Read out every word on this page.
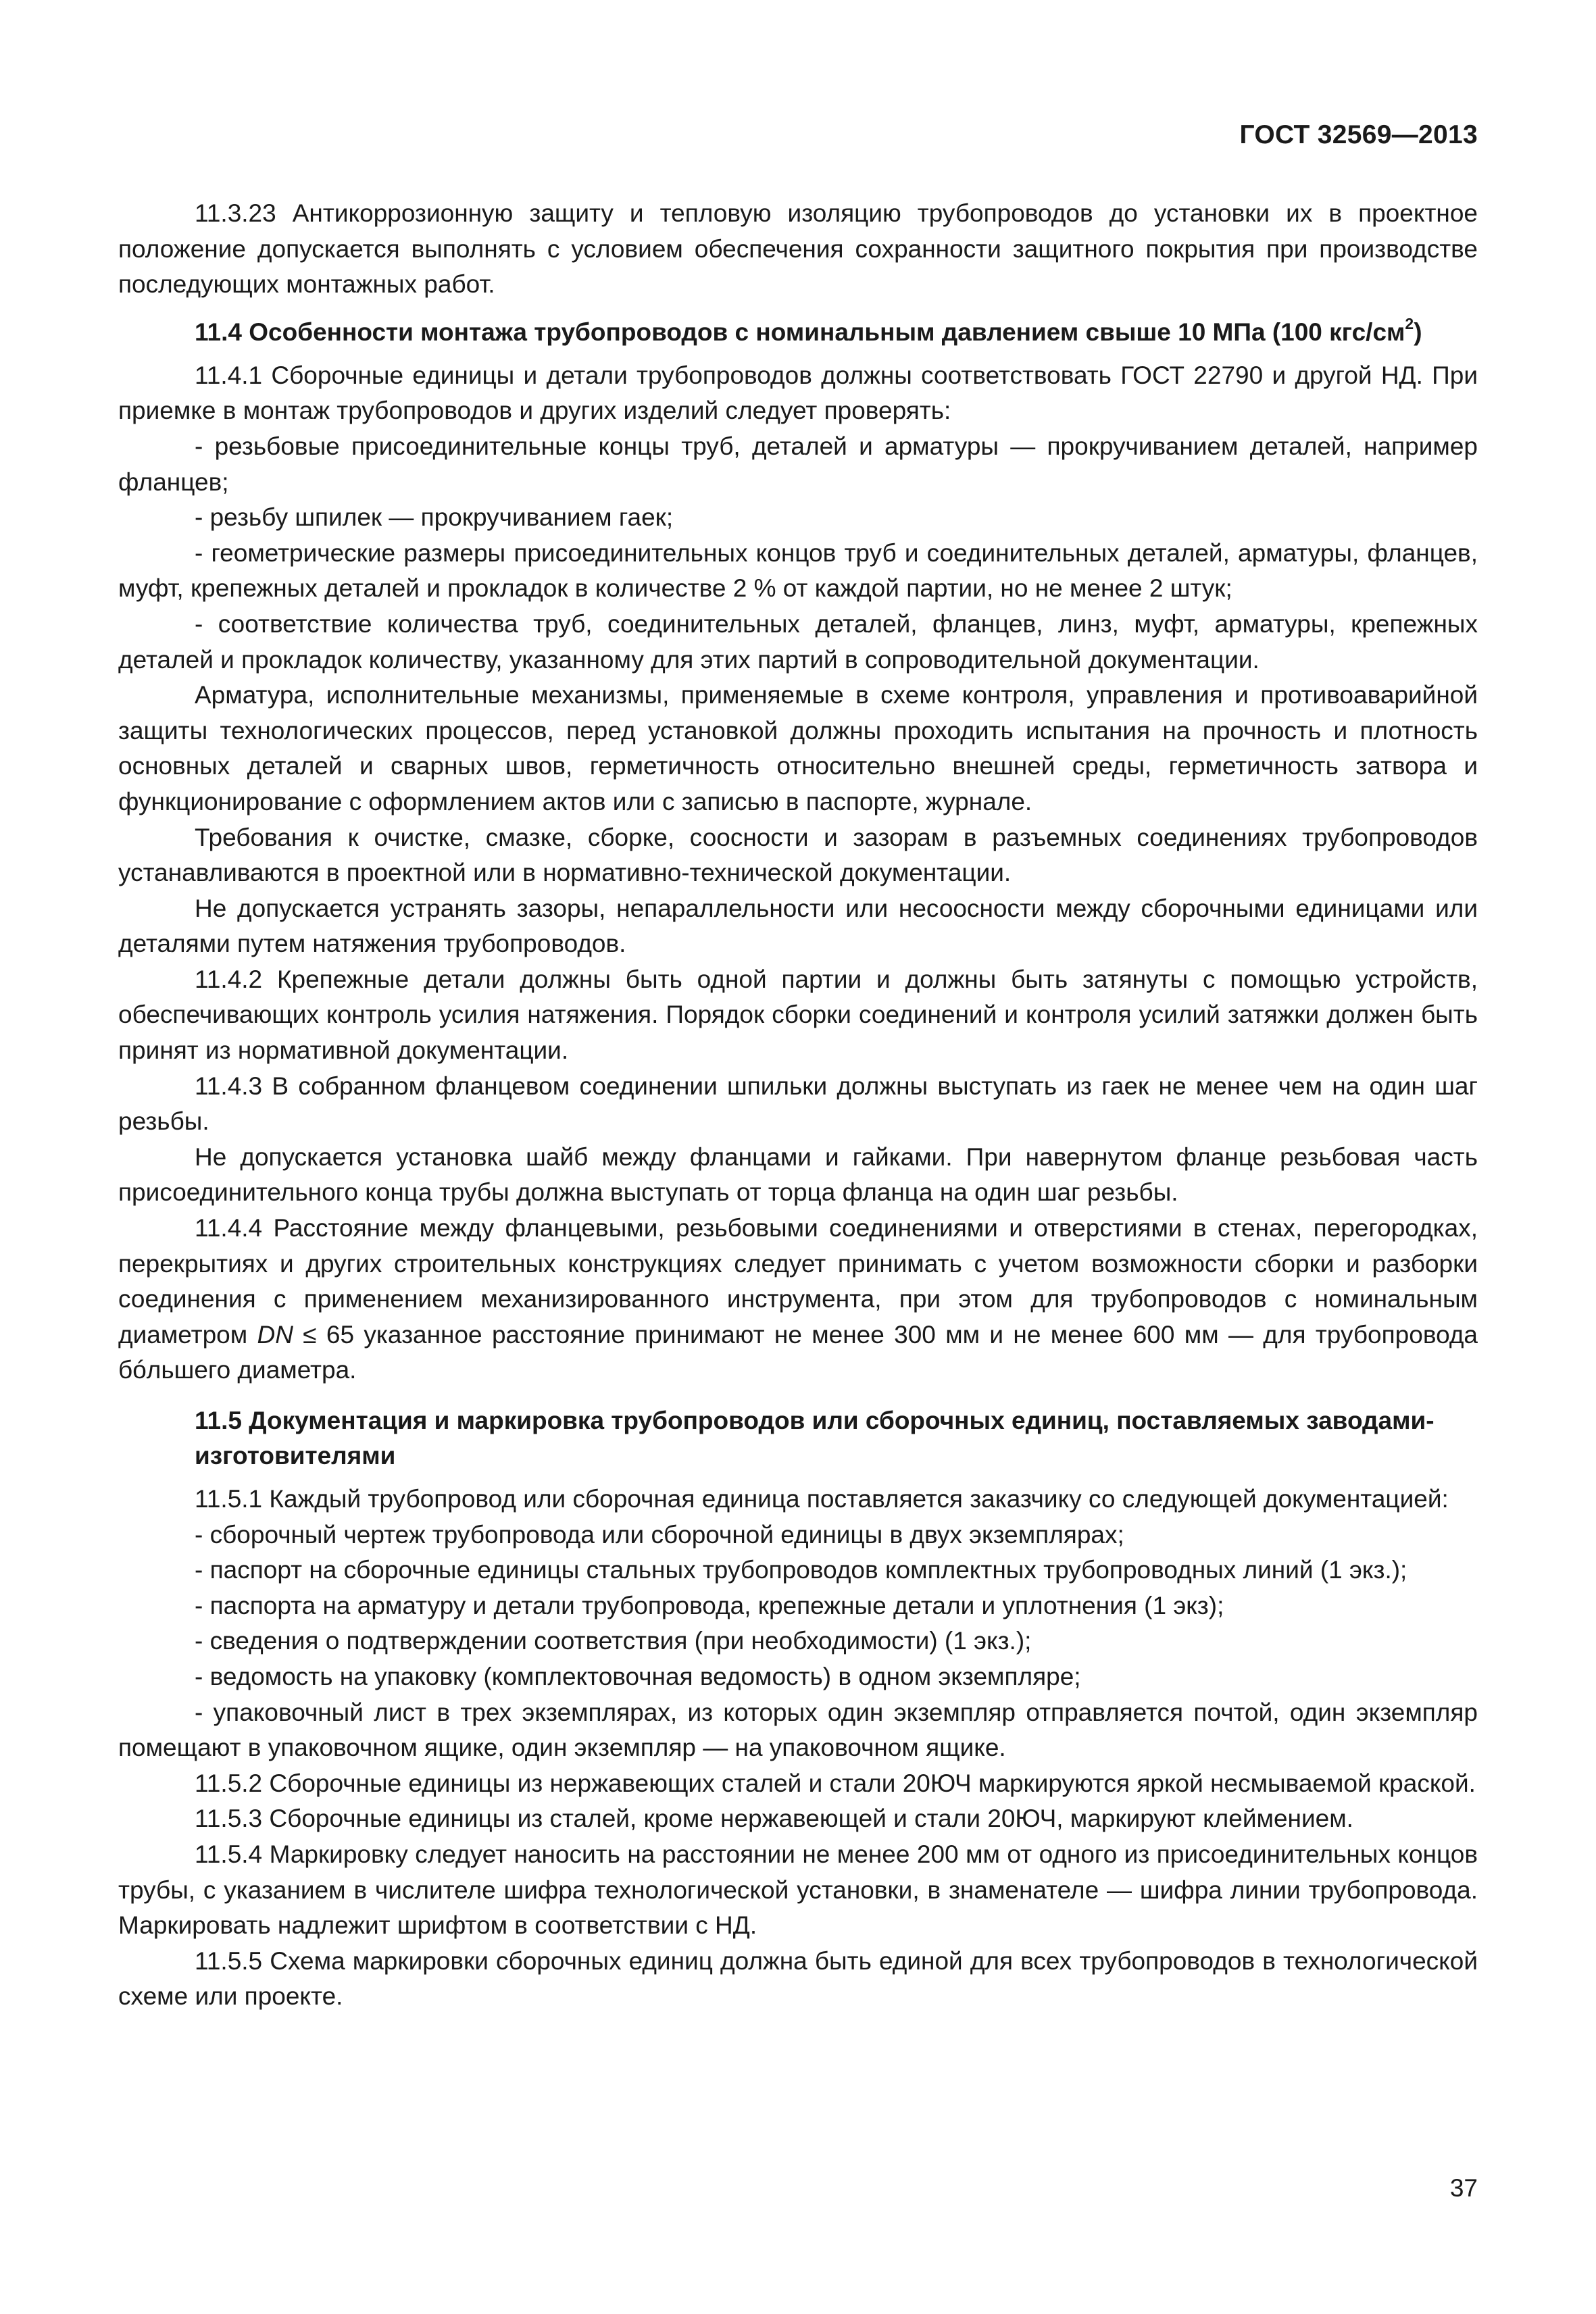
ГОСТ 32569—2013

11.3.23 Антикоррозионную защиту и тепловую изоляцию трубопроводов до установки их в проектное положение допускается выполнять с условием обеспечения сохранности защитного покрытия при производстве последующих монтажных работ.

11.4 Особенности монтажа трубопроводов с номинальным давлением свыше 10 МПа (100 кгс/$см^2$)

11.4.1 Сборочные единицы и детали трубопроводов должны соответствовать ГОСТ 22790 и другой НД. При приемке в монтаж трубопроводов и других изделий следует проверять:

- резьбовые присоединительные концы труб, деталей и арматуры — прокручиванием деталей, например фланцев;

- резьбу шпилек — прокручиванием гаек;

- геометрические размеры присоединительных концов труб и соединительных деталей, арматуры, фланцев, муфт, крепежных деталей и прокладок в количестве 2 % от каждой партии, но не менее 2 штук;

- соответствие количества труб, соединительных деталей, фланцев, линз, муфт, арматуры, крепежных деталей и прокладок количеству, указанному для этих партий в сопроводительной документации.

Арматура, исполнительные механизмы, применяемые в схеме контроля, управления и противоаварийной защиты технологических процессов, перед установкой должны проходить испытания на прочность и плотность основных деталей и сварных швов, герметичность относительно внешней среды, герметичность затвора и функционирование с оформлением актов или с записью в паспорте, журнале.

Требования к очистке, смазке, сборке, соосности и зазорам в разъемных соединениях трубопроводов устанавливаются в проектной или в нормативно-технической документации.

Не допускается устранять зазоры, непараллельности или несоосности между сборочными единицами или деталями путем натяжения трубопроводов.

11.4.2 Крепежные детали должны быть одной партии и должны быть затянуты с помощью устройств, обеспечивающих контроль усилия натяжения. Порядок сборки соединений и контроля усилий затяжки должен быть принят из нормативной документации.

11.4.3 В собранном фланцевом соединении шпильки должны выступать из гаек не менее чем на один шаг резьбы.

Не допускается установка шайб между фланцами и гайками. При навернутом фланце резьбовая часть присоединительного конца трубы должна выступать от торца фланца на один шаг резьбы.

11.4.4 Расстояние между фланцевыми, резьбовыми соединениями и отверстиями в стенах, перегородках, перекрытиях и других строительных конструкциях следует принимать с учетом возможности сборки и разборки соединения с применением механизированного инструмента, при этом для трубопроводов с номинальным диаметром DN ≤ 65 указанное расстояние принимают не менее 300 мм и не менее 600 мм — для трубопровода бóльшего диаметра.

11.5 Документация и маркировка трубопроводов или сборочных единиц, поставляемых заводами-изготовителями

11.5.1 Каждый трубопровод или сборочная единица поставляется заказчику со следующей документацией:

- сборочный чертеж трубопровода или сборочной единицы в двух экземплярах;

- паспорт на сборочные единицы стальных трубопроводов комплектных трубопроводных линий (1 экз.);

- паспорта на арматуру и детали трубопровода, крепежные детали и уплотнения (1 экз);

- сведения о подтверждении соответствия (при необходимости) (1 экз.);

- ведомость на упаковку (комплектовочная ведомость) в одном экземпляре;

- упаковочный лист в трех экземплярах, из которых один экземпляр отправляется почтой, один экземпляр помещают в упаковочном ящике, один экземпляр — на упаковочном ящике.

11.5.2 Сборочные единицы из нержавеющих сталей и стали 20ЮЧ маркируются яркой несмываемой краской.

11.5.3 Сборочные единицы из сталей, кроме нержавеющей и стали 20ЮЧ, маркируют клеймением.

11.5.4 Маркировку следует наносить на расстоянии не менее 200 мм от одного из присоединительных концов трубы, с указанием в числителе шифра технологической установки, в знаменателе — шифра линии трубопровода. Маркировать надлежит шрифтом в соответствии с НД.

11.5.5 Схема маркировки сборочных единиц должна быть единой для всех трубопроводов в технологической схеме или проекте.

37
